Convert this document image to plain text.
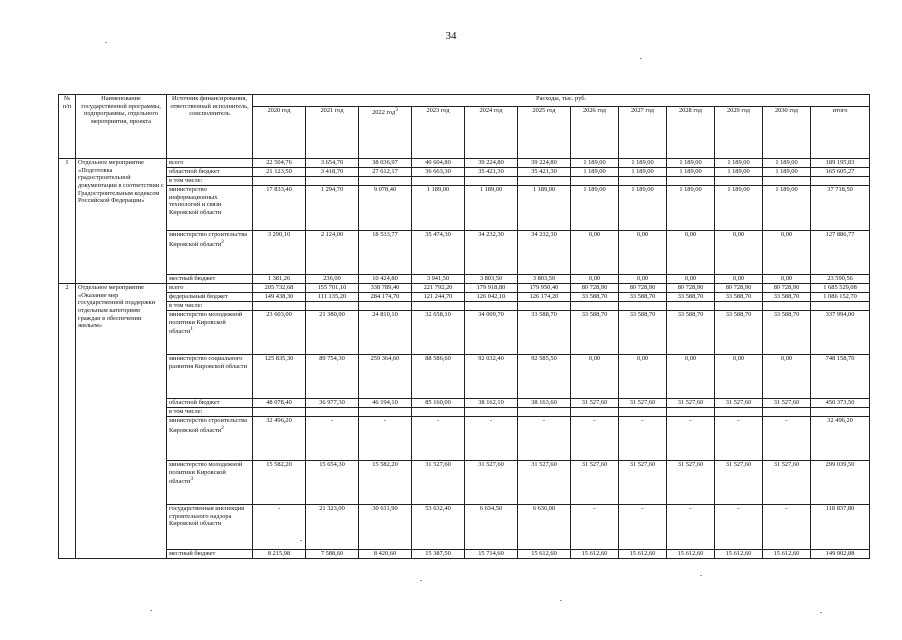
34
№ п/п	Наименование государственной программы, подпрограммы, отдельного мероприятия, проекта	Источник финансирования, ответственный исполнитель, соисполнитель	Расходы, тыс. руб.											
			2020 год	2021 год	2022 год$^3$	2023 год	2024 год	2025 год	2026 год	2027 год	2028 год	2029 год	2030 год	итого
1	Отдельное мероприятие «Подготовка градостроительной документации в соответствии с Градостроительным кодексом Российской Федерации»	всего	22 504,76	3 654,70	38 036,97	40 604,80	39 224,80	39 224,80	1 189,00	1 189,00	1 189,00	1 189,00	1 189,00	189 195,83
		областной бюджет	21 123,50	3 418,70	27 612,17	36 663,30	35 421,30	35 421,30	1 189,00	1 189,00	1 189,00	1 189,00	1 189,00	165 605,27
		в том числе:												
		министерство информационных технологий и связи Кировской области	17 833,40	1 294,70	9 078,40	1 189,00	1 189,00	1 189,00	1 189,00	1 189,00	1 189,00	1 189,00	1 189,00	37 718,50
		министерство строительства Кировской области$^2$	3 290,10	2 124,00	18 533,77	35 474,30	34 232,30	34 232,30	0,00	0,00	0,00	0,00	0,00	127 886,77
		местный бюджет	1 381,26	236,00	10 424,80	3 941,50	3 803,50	3 803,50	0,00	0,00	0,00	0,00	0,00	23 590,56
2	Отдельное мероприятие «Оказание мер государственной поддержки отдельным категориям граждан в обеспечении жильем»	всего	205 732,68	155 701,10	338 789,40	221 792,20	179 918,80	179 950,40	80 728,90	80 728,90	80 728,90	80 728,90	80 728,90	1 685 529,08
		федеральный бюджет	149 438,30	111 135,20	284 174,70	121 244,70	126 042,10	126 174,20	33 588,70	33 588,70	33 588,70	33 588,70	33 588,70	1 086 152,70
		в том числе:												
		министерство молодежной политики Кировской области$^1$	23 603,00	21 380,90	24 810,10	32 658,10	34 009,70	33 588,70	33 588,70	33 588,70	33 588,70	33 588,70	33 588,70	337 994,00
		министерство социального развития Кировской области	125 835,30	89 754,30	259 364,60	88 586,60	92 032,40	92 585,50	0,00	0,00	0,00	0,00	0,00	748 158,70
		областной бюджет	48 078,40	36 977,30	46 194,10	85 160,00	38 162,10	38 163,60	31 527,60	31 527,60	31 527,60	31 527,60	31 527,60	450 373,50
		в том числе:												
		министерство строительства Кировской области$^2$	32 496,20	-	-	-	-	-	-	-	-	-	-	32 496,20
		министерство молодежной политики Кировской области$^3$	15 582,20	15 654,30	15 582,20	31 527,60	31 527,60	31 527,60	31 527,60	31 527,60	31 527,60	31 527,60	31 527,60	299 039,50
		государственная инспекция строительного надзора Кировской области	-	21 323,00	30 611,90	53 632,40	6 634,50	6 636,00	-	-	-	-	-	118 837,80
		местный бюджет	8 215,98	7 588,60	8 420,60	15 387,50	15 714,60	15 612,60	15 612,60	15 612,60	15 612,60	15 612,60	15 612,60	149 002,88
